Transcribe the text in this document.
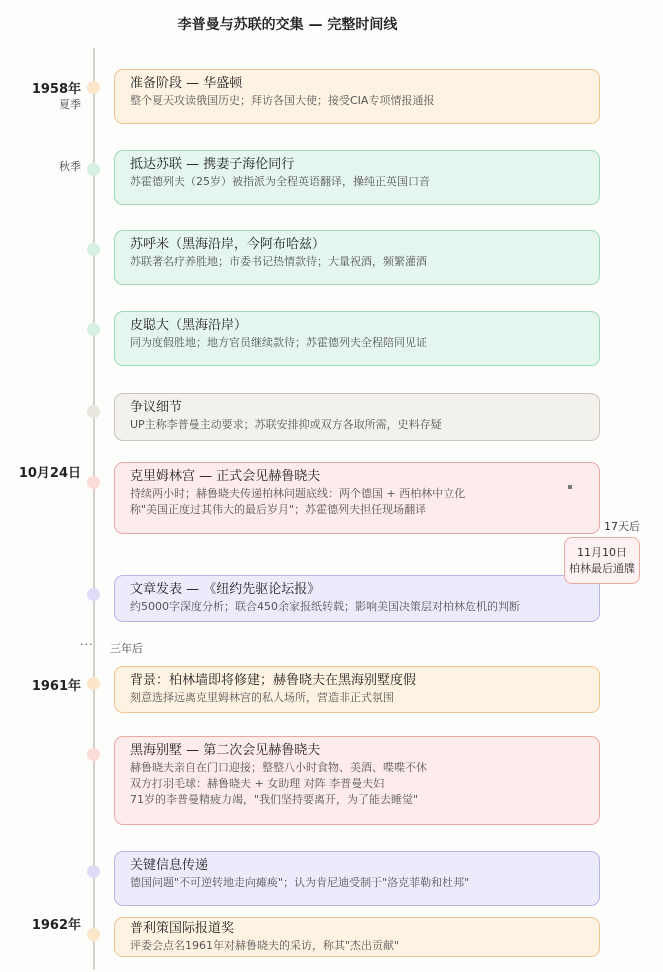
李普曼与苏联的交集 — 完整时间线
1958年
夏季
秋季
10月24日
1961年
1962年
··· 三年后
准备阶段 — 华盛顿
整个夏天攻读俄国历史；拜访各国大使；接受CIA专项情报通报
抵达苏联 — 携妻子海伦同行
苏霍德列夫（25岁）被指派为全程英语翻译，操纯正英国口音
苏呼米（黑海沿岸，今阿布哈兹）
苏联著名疗养胜地；市委书记热情款待；大量祝酒，频繁灌酒
皮聪大（黑海沿岸）
同为度假胜地；地方官员继续款待；苏霍德列夫全程陪同见证
争议细节
UP主称李普曼主动要求；苏联安排抑或双方各取所需，史料存疑
克里姆林宫 — 正式会见赫鲁晓夫
持续两小时；赫鲁晓夫传递柏林问题底线：两个德国 + 西柏林中立化
称"美国正度过其伟大的最后岁月"；苏霍德列夫担任现场翻译
文章发表 — 《纽约先驱论坛报》
约5000字深度分析；联合450余家报纸转载；影响美国决策层对柏林危机的判断
背景：柏林墙即将修建；赫鲁晓夫在黑海别墅度假
刻意选择远离克里姆林宫的私人场所，营造非正式氛围
黑海别墅 — 第二次会见赫鲁晓夫
赫鲁晓夫亲自在门口迎接；整整八小时食物、美酒、喋喋不休
双方打羽毛球：赫鲁晓夫 + 女助理 对阵 李普曼夫妇
71岁的李普曼精疲力竭，"我们坚持要离开，为了能去睡觉"
关键信息传递
德国问题"不可逆转地走向瘫痪"；认为肯尼迪受制于"洛克菲勒和杜邦"
普利策国际报道奖
评委会点名1961年对赫鲁晓夫的采访，称其"杰出贡献"
17天后
11月10日
柏林最后通牒
